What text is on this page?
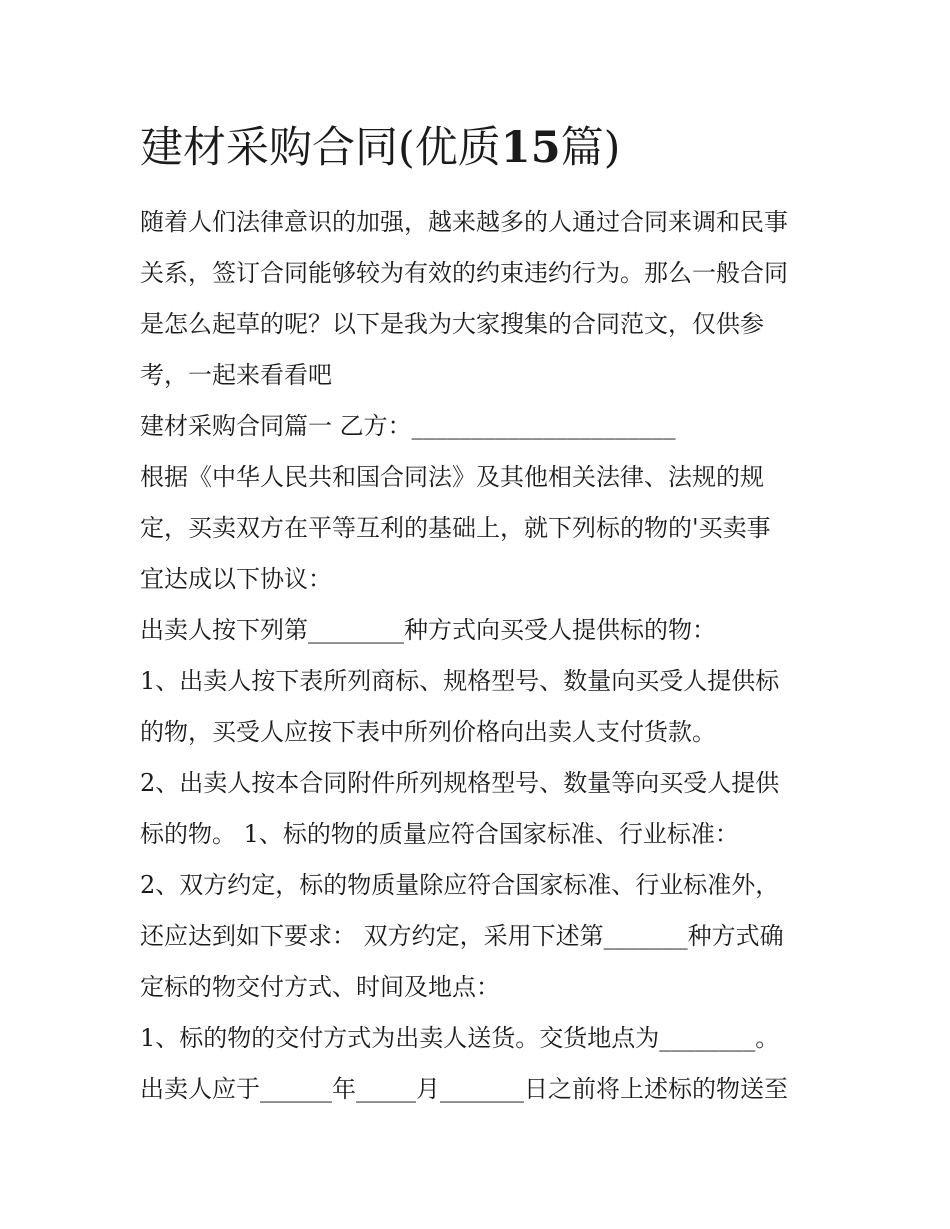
建材采购合同(优质15篇)
随着人们法律意识的加强，越来越多的人通过合同来调和民事
关系，签订合同能够较为有效的约束违约行为。那么一般合同
是怎么起草的呢？以下是我为大家搜集的合同范文，仅供参
考，一起来看看吧
建材采购合同篇一 乙方：______________________
根据《中华人民共和国合同法》及其他相关法律、法规的规
定，买卖双方在平等互利的基础上，就下列标的物的'买卖事
宜达成以下协议：
出卖人按下列第________种方式向买受人提供标的物：
1、出卖人按下表所列商标、规格型号、数量向买受人提供标
的物，买受人应按下表中所列价格向出卖人支付货款。
2、出卖人按本合同附件所列规格型号、数量等向买受人提供
标的物。 1、标的物的质量应符合国家标准、行业标准：
2、双方约定，标的物质量除应符合国家标准、行业标准外，
还应达到如下要求： 双方约定，采用下述第_______种方式确
定标的物交付方式、时间及地点：
1、标的物的交付方式为出卖人送货。交货地点为________。
出卖人应于______年_____月_______日之前将上述标的物送至
